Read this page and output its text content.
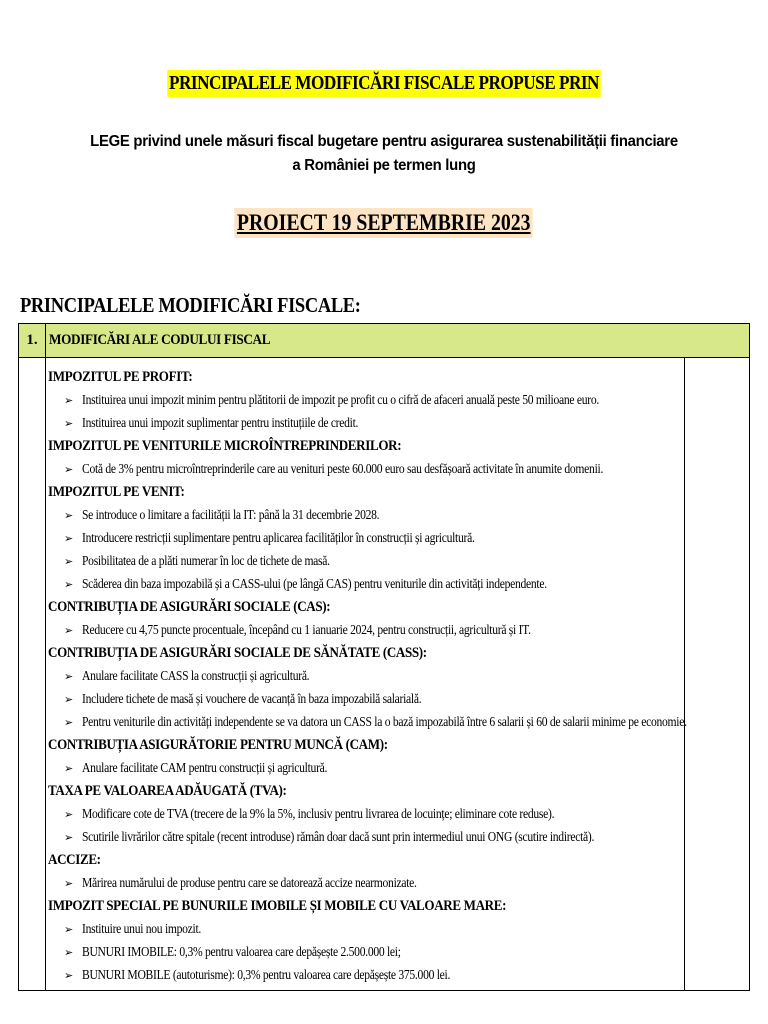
PRINCIPALELE MODIFICĂRI FISCALE PROPUSE PRIN
LEGE privind unele măsuri fiscal bugetare pentru asigurarea sustenabilității financiare
a României pe termen lung
PROIECT 19 SEPTEMBRIE 2023
PRINCIPALELE MODIFICĂRI FISCALE:
1. MODIFICĂRI ALE CODULUI FISCAL
IMPOZITUL PE PROFIT:
➢ Instituirea unui impozit minim pentru plătitorii de impozit pe profit cu o cifră de afaceri anuală peste 50 milioane euro.
➢ Instituirea unui impozit suplimentar pentru instituțiile de credit.
IMPOZITUL PE VENITURILE MICROÎNTREPRINDERILOR:
➢ Cotă de 3% pentru microîntreprinderile care au venituri peste 60.000 euro sau desfășoară activitate în anumite domenii.
IMPOZITUL PE VENIT:
➢ Se introduce o limitare a facilității la IT: până la 31 decembrie 2028.
➢ Introducere restricții suplimentare pentru aplicarea facilităților în construcții și agricultură.
➢ Posibilitatea de a plăti numerar în loc de tichete de masă.
➢ Scăderea din baza impozabilă și a CASS-ului (pe lângă CAS) pentru veniturile din activități independente.
CONTRIBUȚIA DE ASIGURĂRI SOCIALE (CAS):
➢ Reducere cu 4,75 puncte procentuale, începând cu 1 ianuarie 2024, pentru construcții, agricultură și IT.
CONTRIBUȚIA DE ASIGURĂRI SOCIALE DE SĂNĂTATE (CASS):
➢ Anulare facilitate CASS la construcții și agricultură.
➢ Includere tichete de masă și vouchere de vacanță în baza impozabilă salarială.
➢ Pentru veniturile din activități independente se va datora un CASS la o bază impozabilă între 6 salarii și 60 de salarii minime pe economie.
CONTRIBUȚIA ASIGURĂTORIE PENTRU MUNCĂ (CAM):
➢ Anulare facilitate CAM pentru construcții și agricultură.
TAXA PE VALOAREA ADĂUGATĂ (TVA):
➢ Modificare cote de TVA (trecere de la 9% la 5%, inclusiv pentru livrarea de locuințe; eliminare cote reduse).
➢ Scutirile livrărilor către spitale (recent introduse) rămân doar dacă sunt prin intermediul unui ONG (scutire indirectă).
ACCIZE:
➢ Mărirea numărului de produse pentru care se datorează accize nearmonizate.
IMPOZIT SPECIAL PE BUNURILE IMOBILE ȘI MOBILE CU VALOARE MARE:
➢ Instituire unui nou impozit.
➢ BUNURI IMOBILE: 0,3% pentru valoarea care depășește 2.500.000 lei;
➢ BUNURI MOBILE (autoturisme): 0,3% pentru valoarea care depășește 375.000 lei.
